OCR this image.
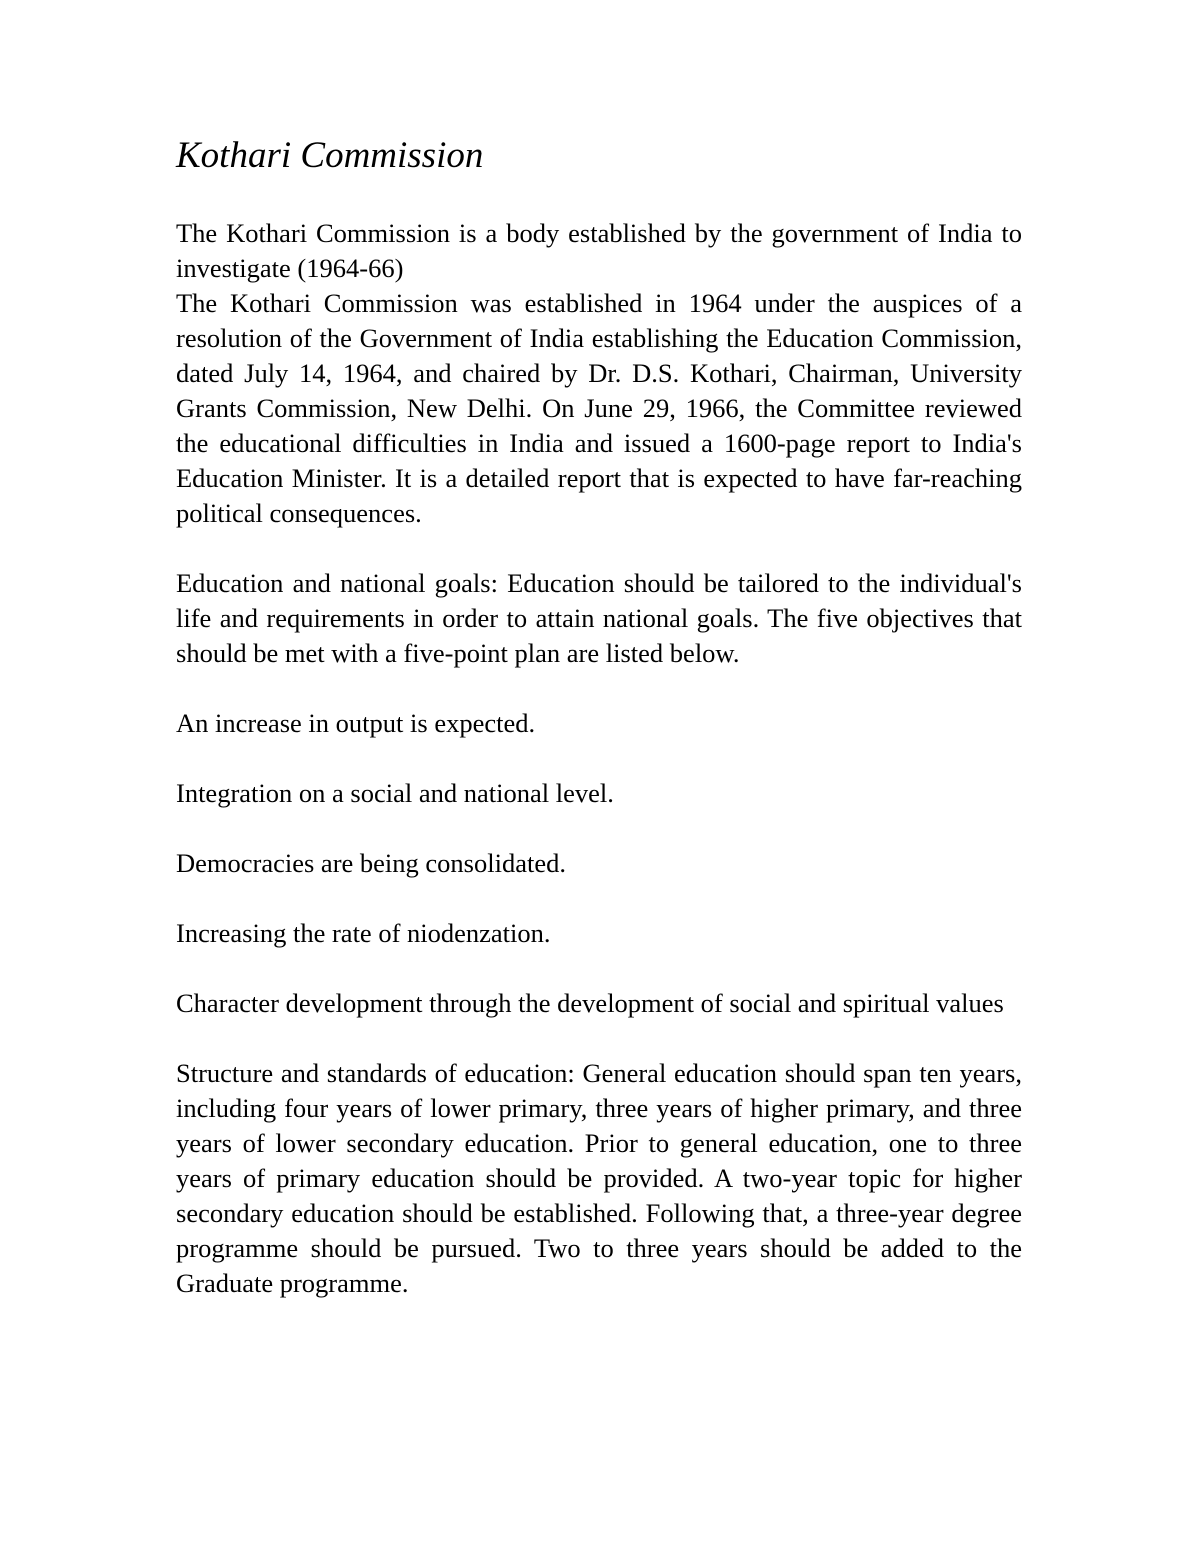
Kothari Commission

The Kothari Commission is a body established by the government of India to investigate (1964-66)

The Kothari Commission was established in 1964 under the auspices of a resolution of the Government of India establishing the Education Commission, dated July 14, 1964, and chaired by Dr. D.S. Kothari, Chairman, University Grants Commission, New Delhi. On June 29, 1966, the Committee reviewed the educational difficulties in India and issued a 1600-page report to India's Education Minister. It is a detailed report that is expected to have far-reaching political consequences.

Education and national goals: Education should be tailored to the individual's life and requirements in order to attain national goals. The five objectives that should be met with a five-point plan are listed below.

An increase in output is expected.

Integration on a social and national level.

Democracies are being consolidated.

Increasing the rate of niodenzation.

Character development through the development of social and spiritual values

Structure and standards of education: General education should span ten years, including four years of lower primary, three years of higher primary, and three years of lower secondary education. Prior to general education, one to three years of primary education should be provided. A two-year topic for higher secondary education should be established. Following that, a three-year degree programme should be pursued. Two to three years should be added to the Graduate programme.
